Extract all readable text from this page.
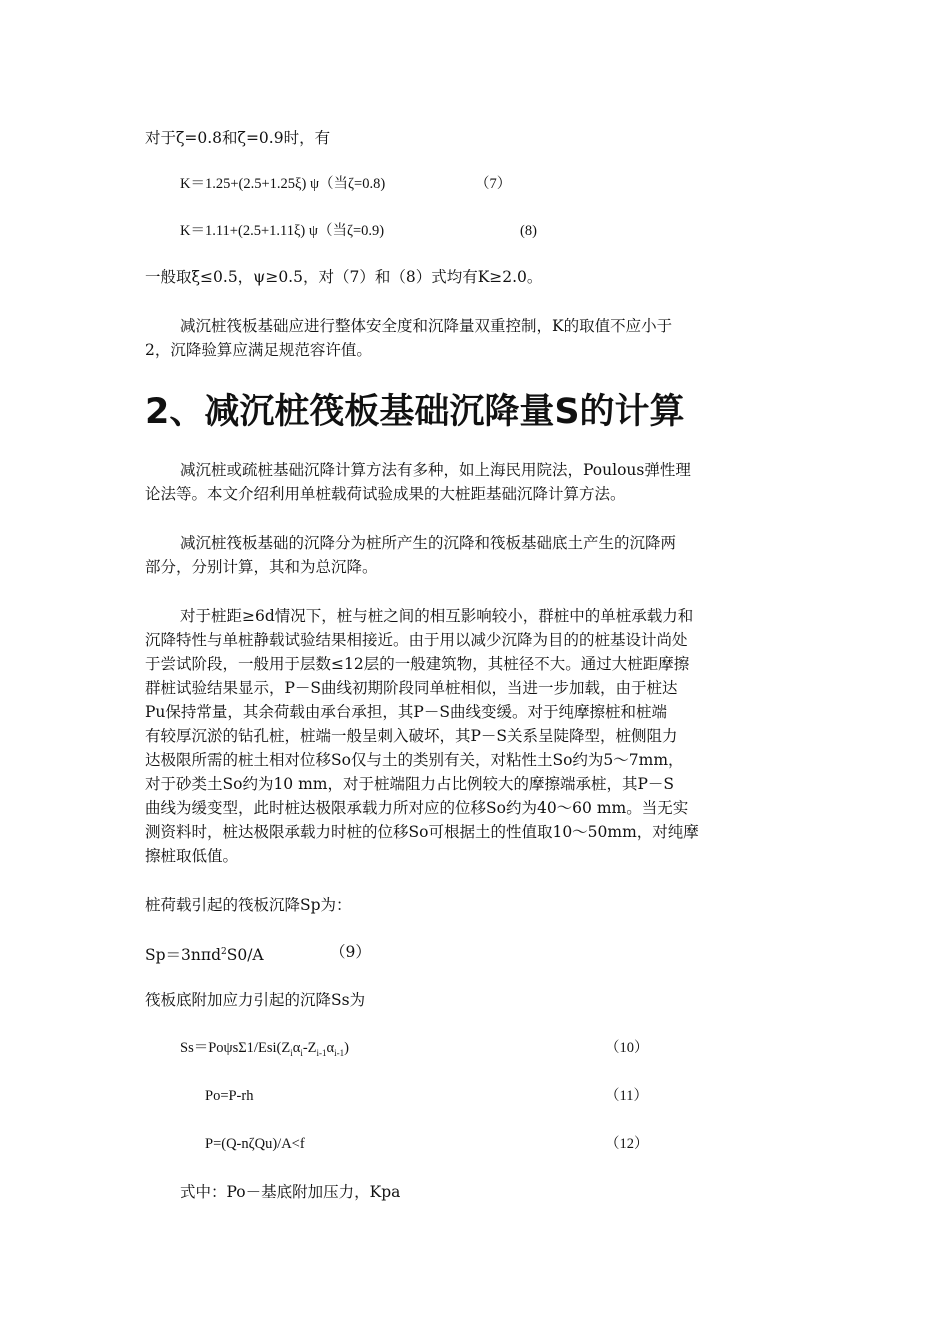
对于ζ=0.8和ζ=0.9时，有
K＝1.25+(2.5+1.25ξ) ψ（当ζ=0.8)	（7）
K＝1.11+(2.5+1.11ξ) ψ（当ζ=0.9)	(8)
一般取ξ≤0.5，ψ≥0.5，对（7）和（8）式均有K≥2.0。
减沉桩筏板基础应进行整体安全度和沉降量双重控制，K的取值不应小于
2，沉降验算应满足规范容许值。
2、减沉桩筏板基础沉降量S的计算
减沉桩或疏桩基础沉降计算方法有多种，如上海民用院法，Poulous弹性理
论法等。本文介绍利用单桩载荷试验成果的大桩距基础沉降计算方法。
减沉桩筏板基础的沉降分为桩所产生的沉降和筏板基础底土产生的沉降两
部分，分别计算，其和为总沉降。
对于桩距≥6d情况下，桩与桩之间的相互影响较小，群桩中的单桩承载力和
沉降特性与单桩静载试验结果相接近。由于用以减少沉降为目的的桩基设计尚处
于尝试阶段，一般用于层数≤12层的一般建筑物，其桩径不大。通过大桩距摩擦
群桩试验结果显示，P－S曲线初期阶段同单桩相似，当进一步加载，由于桩达
Pu保持常量，其余荷载由承台承担，其P－S曲线变缓。对于纯摩擦桩和桩端
有较厚沉淤的钻孔桩，桩端一般呈刺入破坏，其P－S关系呈陡降型，桩侧阻力
达极限所需的桩土相对位移So仅与土的类别有关，对粘性土So约为5～7mm，
对于砂类土So约为10 mm，对于桩端阻力占比例较大的摩擦端承桩，其P－S
曲线为缓变型，此时桩达极限承载力所对应的位移So约为40～60 mm。当无实
测资料时，桩达极限承载力时桩的位移So可根据土的性值取10～50mm，对纯摩
擦桩取低值。
桩荷载引起的筏板沉降Sp为：
Sp＝3nπd$^2$S0/A	（9）
筏板底附加应力引起的沉降Ss为
$Ss=Po\psi s\Sigma 1/Esi(Z_i\alpha_i-Z_{i-1}\alpha_{i-1})$	（10）
Po=P-rh	（11）
P=(Q-nζQu)/A<f	（12）
式中：Po－基底附加压力，Kpa
